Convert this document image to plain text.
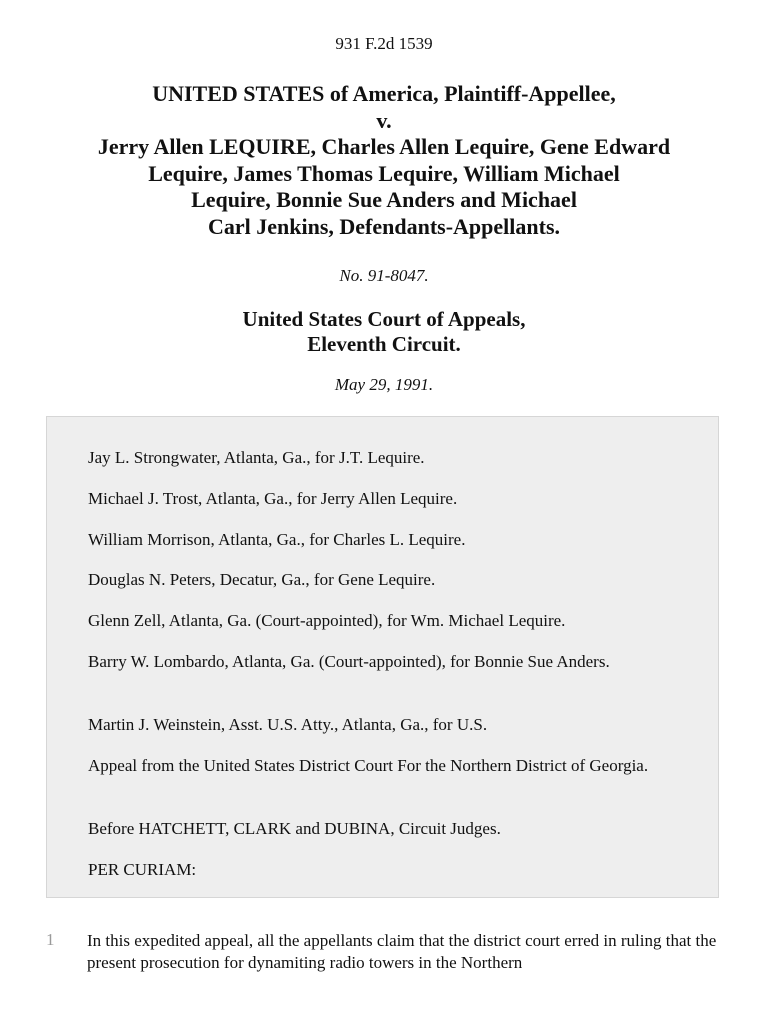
931 F.2d 1539
UNITED STATES of America, Plaintiff-Appellee,
v.
Jerry Allen LEQUIRE, Charles Allen Lequire, Gene Edward
Lequire, James Thomas Lequire, William Michael
Lequire, Bonnie Sue Anders and Michael
Carl Jenkins, Defendants-Appellants.
No. 91-8047.
United States Court of Appeals,
Eleventh Circuit.
May 29, 1991.

Jay L. Strongwater, Atlanta, Ga., for J.T. Lequire.

Michael J. Trost, Atlanta, Ga., for Jerry Allen Lequire.

William Morrison, Atlanta, Ga., for Charles L. Lequire.

Douglas N. Peters, Decatur, Ga., for Gene Lequire.

Glenn Zell, Atlanta, Ga. (Court-appointed), for Wm. Michael Lequire.

Barry W. Lombardo, Atlanta, Ga. (Court-appointed), for Bonnie Sue Anders.

Martin J. Weinstein, Asst. U.S. Atty., Atlanta, Ga., for U.S.

Appeal from the United States District Court For the Northern District of Georgia.

Before HATCHETT, CLARK and DUBINA, Circuit Judges.

PER CURIAM:

1 In this expedited appeal, all the appellants claim that the district court erred in ruling that the present prosecution for dynamiting radio towers in the Northern
